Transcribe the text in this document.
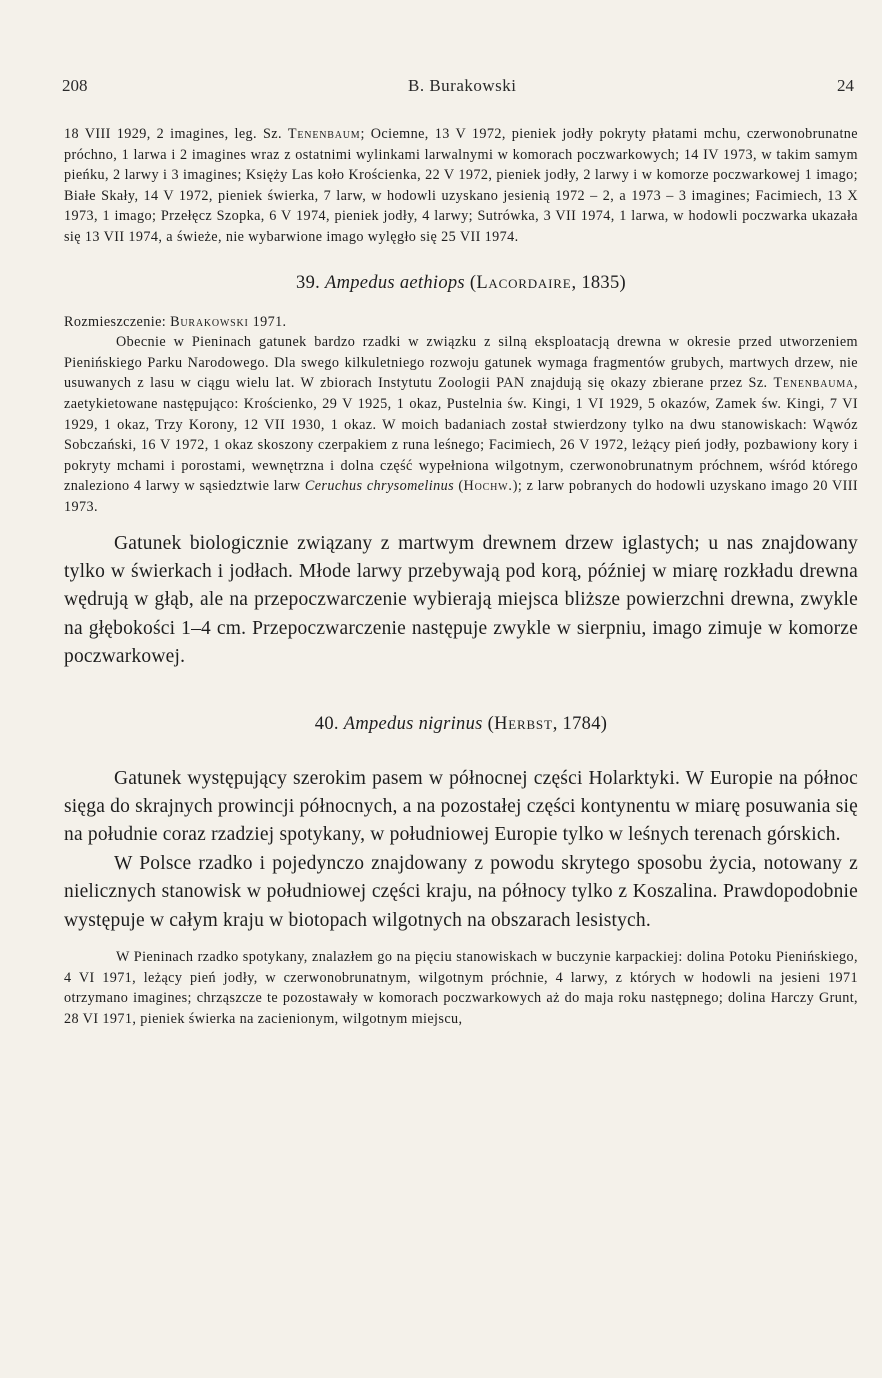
208	B. Burakowski	24

18 VIII 1929, 2 imagines, leg. Sz. Tenenbaum; Ociemne, 13 V 1972, pieniek jodły pokryty płatami mchu, czerwonobrunatne próchno, 1 larwa i 2 imagines wraz z ostatnimi wylinkami larwalnymi w komorach poczwarkowych; 14 IV 1973, w takim samym pieńku, 2 larwy i 3 imagines; Księży Las koło Krościenka, 22 V 1972, pieniek jodły, 2 larwy i w komorze poczwarkowej 1 imago; Białe Skały, 14 V 1972, pieniek świerka, 7 larw, w hodowli uzyskano jesienią 1972 – 2, a 1973 – 3 imagines; Facimiech, 13 X 1973, 1 imago; Przełęcz Szopka, 6 V 1974, pieniek jodły, 4 larwy; Sutrówka, 3 VII 1974, 1 larwa, w hodowli poczwarka ukazała się 13 VII 1974, a świeże, nie wybarwione imago wylęgło się 25 VII 1974.

39. Ampedus aethiops (Lacordaire, 1835)

Rozmieszczenie: Burakowski 1971.

Obecnie w Pieninach gatunek bardzo rzadki w związku z silną eksploatacją drewna w okresie przed utworzeniem Pienińskiego Parku Narodowego. Dla swego kilkuletniego rozwoju gatunek wymaga fragmentów grubych, martwych drzew, nie usuwanych z lasu w ciągu wielu lat. W zbiorach Instytutu Zoologii PAN znajdują się okazy zbierane przez Sz. Tenenbauma, zaetykietowane następująco: Krościenko, 29 V 1925, 1 okaz, Pustelnia św. Kingi, 1 VI 1929, 5 okazów, Zamek św. Kingi, 7 VI 1929, 1 okaz, Trzy Korony, 12 VII 1930, 1 okaz. W moich badaniach został stwierdzony tylko na dwu stanowiskach: Wąwóz Sobczański, 16 V 1972, 1 okaz skoszony czerpakiem z runa leśnego; Facimiech, 26 V 1972, leżący pień jodły, pozbawiony kory i pokryty mchami i porostami, wewnętrzna i dolna część wypełniona wilgotnym, czerwonobrunatnym próchnem, wśród którego znaleziono 4 larwy w sąsiedztwie larw Ceruchus chrysomelinus (Hochw.); z larw pobranych do hodowli uzyskano imago 20 VIII 1973.

Gatunek biologicznie związany z martwym drewnem drzew iglastych; u nas znajdowany tylko w świerkach i jodłach. Młode larwy przebywają pod korą, później w miarę rozkładu drewna wędrują w głąb, ale na przepoczwarczenie wybierają miejsca bliższe powierzchni drewna, zwykle na głębokości 1–4 cm. Przepoczwarczenie następuje zwykle w sierpniu, imago zimuje w komorze poczwarkowej.

40. Ampedus nigrinus (Herbst, 1784)

Gatunek występujący szerokim pasem w północnej części Holarktyki. W Europie na północ sięga do skrajnych prowincji północnych, a na pozostałej części kontynentu w miarę posuwania się na południe coraz rzadziej spotykany, w południowej Europie tylko w leśnych terenach górskich.

W Polsce rzadko i pojedynczo znajdowany z powodu skrytego sposobu życia, notowany z nielicznych stanowisk w południowej części kraju, na północy tylko z Koszalina. Prawdopodobnie występuje w całym kraju w biotopach wilgotnych na obszarach lesistych.

W Pieninach rzadko spotykany, znalazłem go na pięciu stanowiskach w buczynie karpackiej: dolina Potoku Pienińskiego, 4 VI 1971, leżący pień jodły, w czerwonobrunatnym, wilgotnym próchnie, 4 larwy, z których w hodowli na jesieni 1971 otrzymano imagines; chrząszcze te pozostawały w komorach poczwarkowych aż do maja roku następnego; dolina Harczy Grunt, 28 VI 1971, pieniek świerka na zacienionym, wilgotnym miejscu,
